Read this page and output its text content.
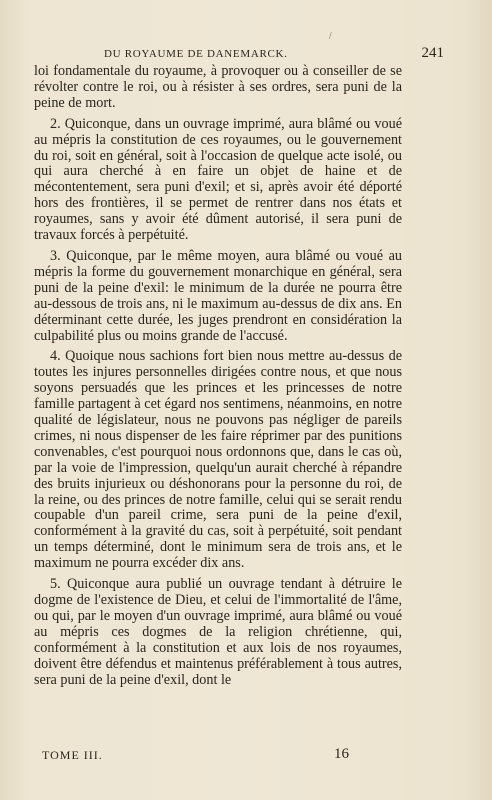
/
DU ROYAUME DE DANEMARCK.	241

loi fondamentale du royaume, à provoquer ou à conseiller de se révolter contre le roi, ou à résister à ses ordres, sera puni de la peine de mort.

2. Quiconque, dans un ouvrage imprimé, aura blâmé ou voué au mépris la constitution de ces royaumes, ou le gouvernement du roi, soit en général, soit à l'occasion de quelque acte isolé, ou qui aura cherché à en faire un objet de haine et de mécontentement, sera puni d'exil; et si, après avoir été déporté hors des frontières, il se permet de rentrer dans nos états et royaumes, sans y avoir été dûment autorisé, il sera puni de travaux forcés à perpétuité.

3. Quiconque, par le même moyen, aura blâmé ou voué au mépris la forme du gouvernement monarchique en général, sera puni de la peine d'exil: le minimum de la durée ne pourra être au-dessous de trois ans, ni le maximum au-dessus de dix ans. En déterminant cette durée, les juges prendront en considération la culpabilité plus ou moins grande de l'accusé.

4. Quoique nous sachions fort bien nous mettre au-dessus de toutes les injures personnelles dirigées contre nous, et que nous soyons persuadés que les princes et les princesses de notre famille partagent à cet égard nos sentimens, néanmoins, en notre qualité de législateur, nous ne pouvons pas négliger de pareils crimes, ni nous dispenser de les faire réprimer par des punitions convenables, c'est pourquoi nous ordonnons que, dans le cas où, par la voie de l'impression, quelqu'un aurait cherché à répandre des bruits injurieux ou déshonorans pour la personne du roi, de la reine, ou des princes de notre famille, celui qui se serait rendu coupable d'un pareil crime, sera puni de la peine d'exil, conformément à la gravité du cas, soit à perpétuité, soit pendant un temps déterminé, dont le minimum sera de trois ans, et le maximum ne pourra excéder dix ans.

5. Quiconque aura publié un ouvrage tendant à détruire le dogme de l'existence de Dieu, et celui de l'immortalité de l'âme, ou qui, par le moyen d'un ouvrage imprimé, aura blâmé ou voué au mépris ces dogmes de la religion chrétienne, qui, conformément à la constitution et aux lois de nos royaumes, doivent être défendus et maintenus préférablement à tous autres, sera puni de la peine d'exil, dont le

TOME III.	16
